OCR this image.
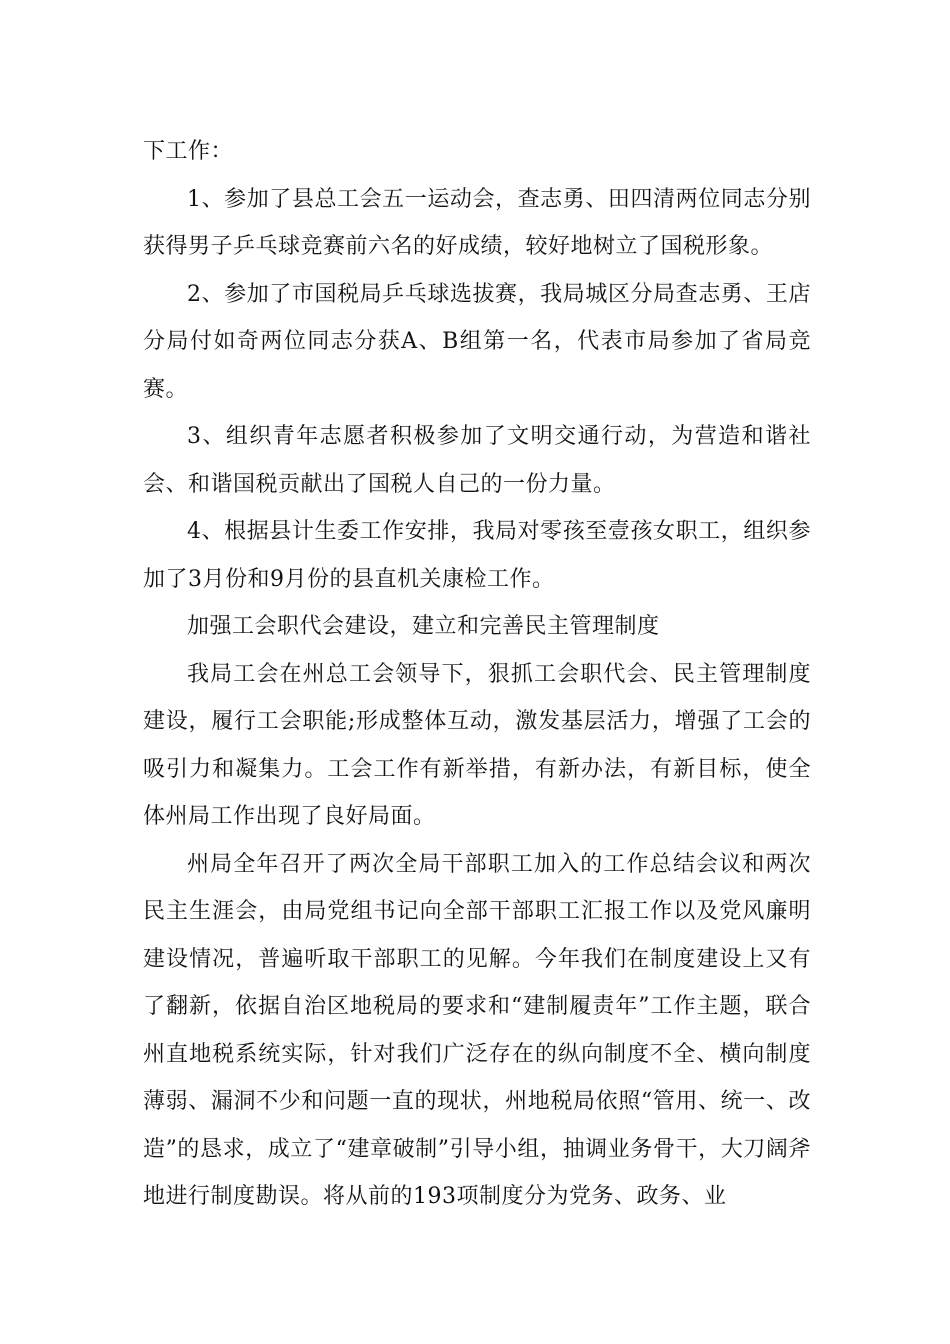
下工作：

1、参加了县总工会五一运动会，查志勇、田四清两位同志分别获得男子乒乓球竞赛前六名的好成绩，较好地树立了国税形象。

2、参加了市国税局乒乓球选拔赛，我局城区分局查志勇、王店分局付如奇两位同志分获A、B组第一名，代表市局参加了省局竞赛。

3、组织青年志愿者积极参加了文明交通行动，为营造和谐社会、和谐国税贡献出了国税人自己的一份力量。

4、根据县计生委工作安排，我局对零孩至壹孩女职工，组织参加了3月份和9月份的县直机关康检工作。

加强工会职代会建设，建立和完善民主管理制度

我局工会在州总工会领导下，狠抓工会职代会、民主管理制度建设，履行工会职能;形成整体互动，激发基层活力，增强了工会的吸引力和凝集力。工会工作有新举措，有新办法，有新目标，使全体州局工作出现了良好局面。

州局全年召开了两次全局干部职工加入的工作总结会议和两次民主生涯会，由局党组书记向全部干部职工汇报工作以及党风廉明建设情况，普遍听取干部职工的见解。今年我们在制度建设上又有了翻新，依据自治区地税局的要求和“建制履责年”工作主题，联合州直地税系统实际，针对我们广泛存在的纵向制度不全、横向制度薄弱、漏洞不少和问题一直的现状，州地税局依照“管用、统一、改造”的恳求，成立了“建章破制”引导小组，抽调业务骨干，大刀阔斧地进行制度勘误。将从前的193项制度分为党务、政务、业
